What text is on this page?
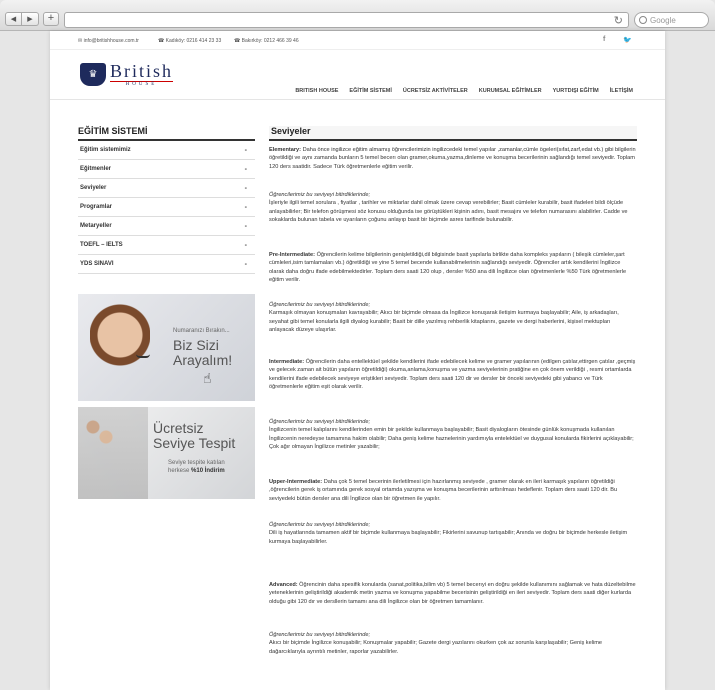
◀	▶	+	↻	Google
✉ info@britishhouse.com.tr	☎ Kadıköy: 0216 414 23 33	☎ Bakırköy: 0212 466 39 46	f	🐦
♛ British
HOUSE
BRITISH HOUSE EĞİTİM SİSTEMİ ÜCRETSİZ AKTİVİTELER KURUMSAL EĞİTİMLER YURTDIŞI EĞİTİM İLETİŞİM
EĞİTİM SİSTEMİ
Eğitim sistemimiz	-
Eğitmenler	-
Seviyeler	-
Programlar	-
Metaryeller	-
TOEFL – IELTS	-
YDS SINAVI	-
Numaranızı Bırakın...
Biz Sizi
Arayalım!
☝
Ücretsiz
Seviye Tespit
Seviye tespite katılan
herkese %10 İndirim
Seviyeler

Elementary: Daha önce ingilizce eğitim almamış öğrencilerimizin ingilizcedeki temel yapılar ,zamanlar,cümle ögeleri(sıfat,zarf,edat vb.) gibi bilgilerin öğretildiği ve aynı zamanda bunların 5 temel becerı olan gramer,okuma,yazma,dinleme ve konuşma becerilerinin sağlandığı temel seviyedir. Toplam 120 ders saatidir. Sadece Türk öğretmenlerle eğitim verilir.

Öğrencilerimiz bu seviyeyi bitirdiklerinde;
İşleriyle ilgili temel sorulara , fiyatlar , tarihler ve miktarlar dahil olmak üzere cevap verebilirler; Basit cümleler kurabilir, basit ifadeleri bildi ölçüde anlayabilirler; Bir telefon görüşmesi söz konusu olduğunda ise görüştükleri kişinin adını, basit mesajını ve telefon numarasını alabilirler. Cadde ve sokaklarda bulunan tabela ve uyarıların çoğunu anlayıp basit bir biçimde asres tarifinde bulunabilir.

Pre-Intermediate: Öğrencilerin kelime bilgilerinin genişletildiği,dil bilgisinde basit yapılarla birlikte daha kompleks yapıların ( bileşik cümleler,şart cümleleri,isim tamlamaları vb.) öğretildiği ve yine 5 temel becende kullanabilmelerinin sağlandığı seviyedir. Öğrenciler artık kendilerini İngilizce olarak daha doğru ifade edebilmektedirler. Toplam ders saati 120 olup , dersler %50 ana dili İngilizce olan öğretmenlerle %50 Türk öğretmenlerle eğitim verilir.

Öğrencilerimiz bu seviyeyi bitirdiklerinde;
Karmaşık olmayan konuşmaları kavrayabilir; Akıcı bir biçimde olmasa da İngilizce konuşarak iletişim kurmaya başlayabilir; Aile, iş arkadaşları, seyahat gibi temel konularla ilgili diyalog kurabilir; Basit bir dille yazılmış rehberlik kitaplarını, gazete ve dergi haberlerini, kişisel mektupları anlayacak düzeye ulaşırlar.

Intermediate: Öğrencilerin daha entellektüel şekilde kendilerini ifade edebilecek kelime ve gramer yapılarının (edilgen çatılar,ettirgen çatılar ,geçmiş ve gelecek zaman ait bütün yapıların öğretildiği) okuma,anlama,konuşma ve yazma seviyelerinin pratiğine en çok önem verildiği , resmi ortamlarda kendilerini ifade edebilecek seviyeye eriştikleri seviyedir. Toplam ders saati 120 dir ve dersler bir önceki seviyedeki gibi yabancı ve Türk öğretmenlerle eğitim eşit olarak verilir.

Öğrencilerimiz bu seviyeyi bitirdiklerinde;
İngilizcenin temel kalıplarını kendilerinden emin bir şekilde kullanmaya başlayabilir; Basit diyalogların ötesinde günlük konuşmada kullanılan İngilizcenin neredeyse tamamına hakim olabilir; Daha geniş kelime haznelerinin yardımıyla entelektüel ve duygusal konularda fikirlerini açıklayabilir; Çok ağır olmayan İngilizce metinler yazabilir;

Upper-Intermediate: Daha çok 5 temel becerinin ilerletilmesi için hazırlanmış seviyede , gramer olarak en ileri karmaşık yapıların öğretildiği ,öğrencilerin gerek iş ortamında gerek sosyal ortamda yazışma ve konuşma becerilerinin arttırılması hedeflenir. Toplam ders saati 120 dir. Bu seviyedeki bütün dersler ana dili İngilizce olan bir öğretmen ile yapılır.

Öğrencilerimiz bu seviyeyi bitirdiklerinde;
Dili iş hayatlarında tamamen aktif bir biçimde kullanmaya başlayabilir; Fikirlerini savunup tartışabilir; Anında ve doğru bir biçimde herkesle iletişim kurmaya başlayabilirler.

Advanced: Öğrencinin daha spesifik konularda (sanat,politika,bilim vb) 5 temel becerıyi en doğru şekilde kullanımını sağlamak ve hata düzeltebilme yeteneklerinin geliştirildiği akademik metin yazma ve konuşma yapabilme becerisinin geliştirildiği en ileri seviyedir. Toplam ders saati diğer kurlarda olduğu gibi 120 dır ve dersllerin tamamı ana dili İngilizce olan bir öğretmen tamamlanır.

Öğrencilerimiz bu seviyeyi bitirdiklerinde;
Akıcı bir biçimde İngilizce konuşabilir; Konuşmalar yapabilir; Gazete dergi yazılarını okurken çok az sorunla karşılaşabilir; Geniş kelime dağarcıklarıyla ayrıntılı metinler, raporlar yazabilirler.
